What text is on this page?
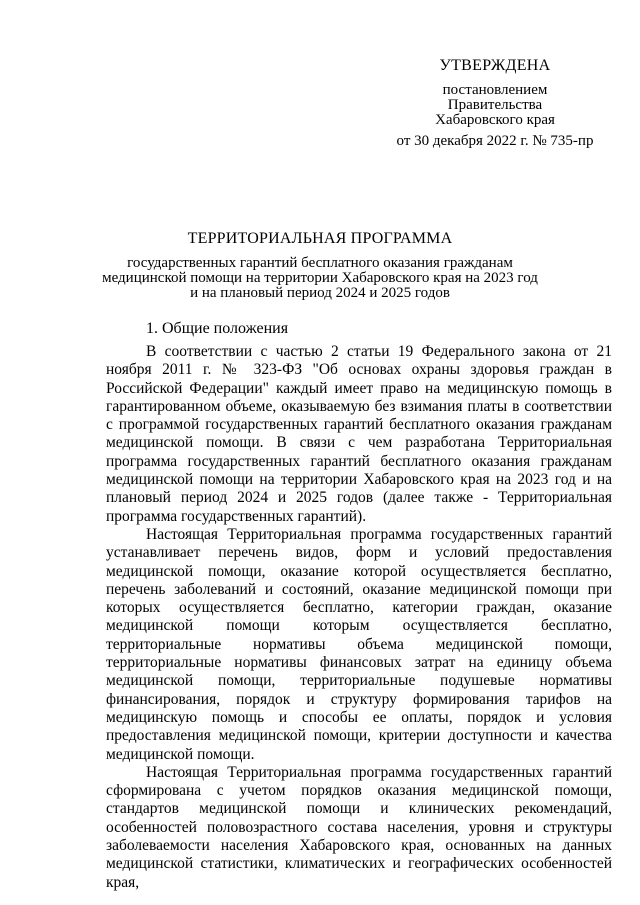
УТВЕРЖДЕНА
постановлением
Правительства
Хабаровского края
от 30 декабря 2022 г. № 735-пр
ТЕРРИТОРИАЛЬНАЯ ПРОГРАММА
государственных гарантий бесплатного оказания гражданам
медицинской помощи на территории Хабаровского края на 2023 год
и на плановый период 2024 и 2025 годов
1. Общие положения

В соответствии с частью 2 статьи 19 Федерального закона от 21 ноября 2011 г. № 323-ФЗ "Об основах охраны здоровья граждан в Российской Федерации" каждый имеет право на медицинскую помощь в гарантированном объеме, оказываемую без взимания платы в соответствии с программой государственных гарантий бесплатного оказания гражданам медицинской помощи. В связи с чем разработана Территориальная программа государственных гарантий бесплатного оказания гражданам медицинской помощи на территории Хабаровского края на 2023 год и на плановый период 2024 и 2025 годов (далее также - Территориальная программа государственных гарантий).

Настоящая Территориальная программа государственных гарантий устанавливает перечень видов, форм и условий предоставления медицинской помощи, оказание которой осуществляется бесплатно, перечень заболеваний и состояний, оказание медицинской помощи при которых осуществляется бесплатно, категории граждан, оказание медицинской помощи которым осуществляется бесплатно, территориальные нормативы объема медицинской помощи, территориальные нормативы финансовых затрат на единицу объема медицинской помощи, территориальные подушевые нормативы финансирования, порядок и структуру формирования тарифов на медицинскую помощь и способы ее оплаты, порядок и условия предоставления медицинской помощи, критерии доступности и качества медицинской помощи.

Настоящая Территориальная программа государственных гарантий сформирована с учетом порядков оказания медицинской помощи, стандартов медицинской помощи и клинических рекомендаций, особенностей половозрастного состава населения, уровня и структуры заболеваемости населения Хабаровского края, основанных на данных медицинской статистики, климатических и географических особенностей края,
